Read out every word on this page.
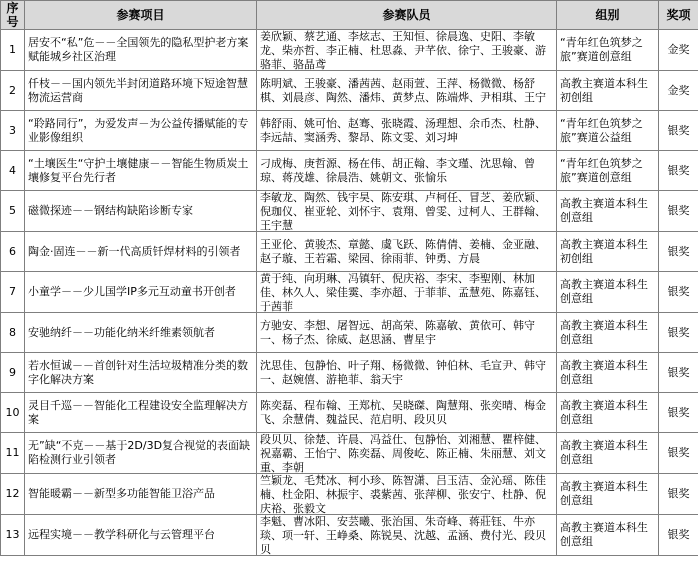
序号	参赛项目	参赛队员	组别	奖项
1	居安不“私”危－－全国领先的隐私型护老方案赋能城乡社区治理	姜欣颖、蔡艺通、李炫志、王知恒、徐晨逸、史阳、李敏龙、柴亦哲、李正楠、杜思淼、尹芊依、徐宁、王骏豪、游骆菲、骆晶鸢	“青年红色筑梦之旅”赛道创意组	金奖
2	仟枝－－国内领先半封闭道路环境下短途智慧物流运营商	陈明斌、王骏豪、潘茜茜、赵雨萱、王萍、杨微微、杨舒棋、刘晨彦、陶然、潘炜、黄梦点、陈端烨、尹相琪、王宁	高教主赛道本科生初创组	金奖
3	“聆路同行”，为爱发声－为公益传播赋能的专业影像组织	韩舒雨、姚可怡、赵骞、张晓霞、汤理想、余币杰、杜静、李远喆、窦涵秀、黎昂、陈文雯、刘习坤	“青年红色筑梦之旅”赛道公益组	银奖
4	“土壤医生“守护土壤健康－－智能生物质炭土壤修复平台先行者	刁成梅、庚哲源、杨在伟、胡正翰、李文瑾、沈思翰、曾琼、蒋茂雄、徐晨浩、姚朝文、张愉乐	“青年红色筑梦之旅”赛道创意组	银奖
5	磁微探迹－－钢结构缺陷诊断专家	李敏龙、陶然、钱宇昊、陈安琪、卢柯任、冒芝、姜欣颖、倪珈仪、崔亚轮、刘怀宇、袁翔、曾雯、过柯人、王群翰、王宇慧	高教主赛道本科生创意组	银奖
6	陶金·固连－－新一代高质钎焊材料的引领者	王亚伦、黄骏杰、章懿、虞飞跃、陈倩倩、姜楠、金亚融、赵子璇、王若霜、梁园、徐雨菲、钟勇、方晨	高教主赛道本科生初创组	银奖
7	小童学－－少儿国学IP多元互动童书开创者	黄于纯、向玥琳、冯镇轩、倪庆裕、李宋、李聖刚、林加佳、林久人、梁佳霙、李亦超、于菲菲、孟慧苑、陈嘉钰、于茜菲	高教主赛道本科生创意组	银奖
8	安驰纳纤－－功能化纳米纤维素领航者	方驰安、李想、屠智远、胡高荣、陈嘉敏、黄依可、韩守一、杨子杰、徐威、赵思涵、曹星宇	高教主赛道本科生创意组	银奖
9	若水恒诚－－首创针对生活垃圾精准分类的数字化解决方案	沈思佳、包静怡、叶子翔、杨微微、钟伯林、毛宣尹、韩守一、赵婉僖、游艳菲、翁天宇	高教主赛道本科生创意组	银奖
10	灵目千巡－－智能化工程建设安全监理解决方案	陈奕磊、程布翰、王郑杭、吴晓磔、陶慧翔、张奕晴、梅金飞、余慧倩、魏益民、范启明、段贝贝	高教主赛道本科生创意组	银奖
11	无”缺“不克－－基于2D/3D复合视觉的表面缺陷检测行业引领者	段贝贝、徐楚、许晨、冯益仕、包静怡、刘湘慧、瞿梓健、祝嘉霸、王怡宁、陈奕磊、周俊屹、陈正楠、朱丽慧、刘文重、李朝	高教主赛道本科生创意组	银奖
12	智能暖霸－－新型多功能智能卫浴产品	竺颖龙、毛梵冰、柯小珍、陈智潇、吕玉洁、金沁瑶、陈佳楠、杜金阳、林振宇、裘紫茜、张萍柳、张安宁、杜静、倪庆裕、张毅文	高教主赛道本科生创意组	银奖
13	远程实境－－教学科研化与云管理平台	李魁、曹冰阳、安芸曦、张治国、朱奇峰、蒋莊钰、牛亦琰、项一轩、王峥桑、陈锐昊、沈越、孟涵、费付光、段贝贝	高教主赛道本科生创意组	银奖
